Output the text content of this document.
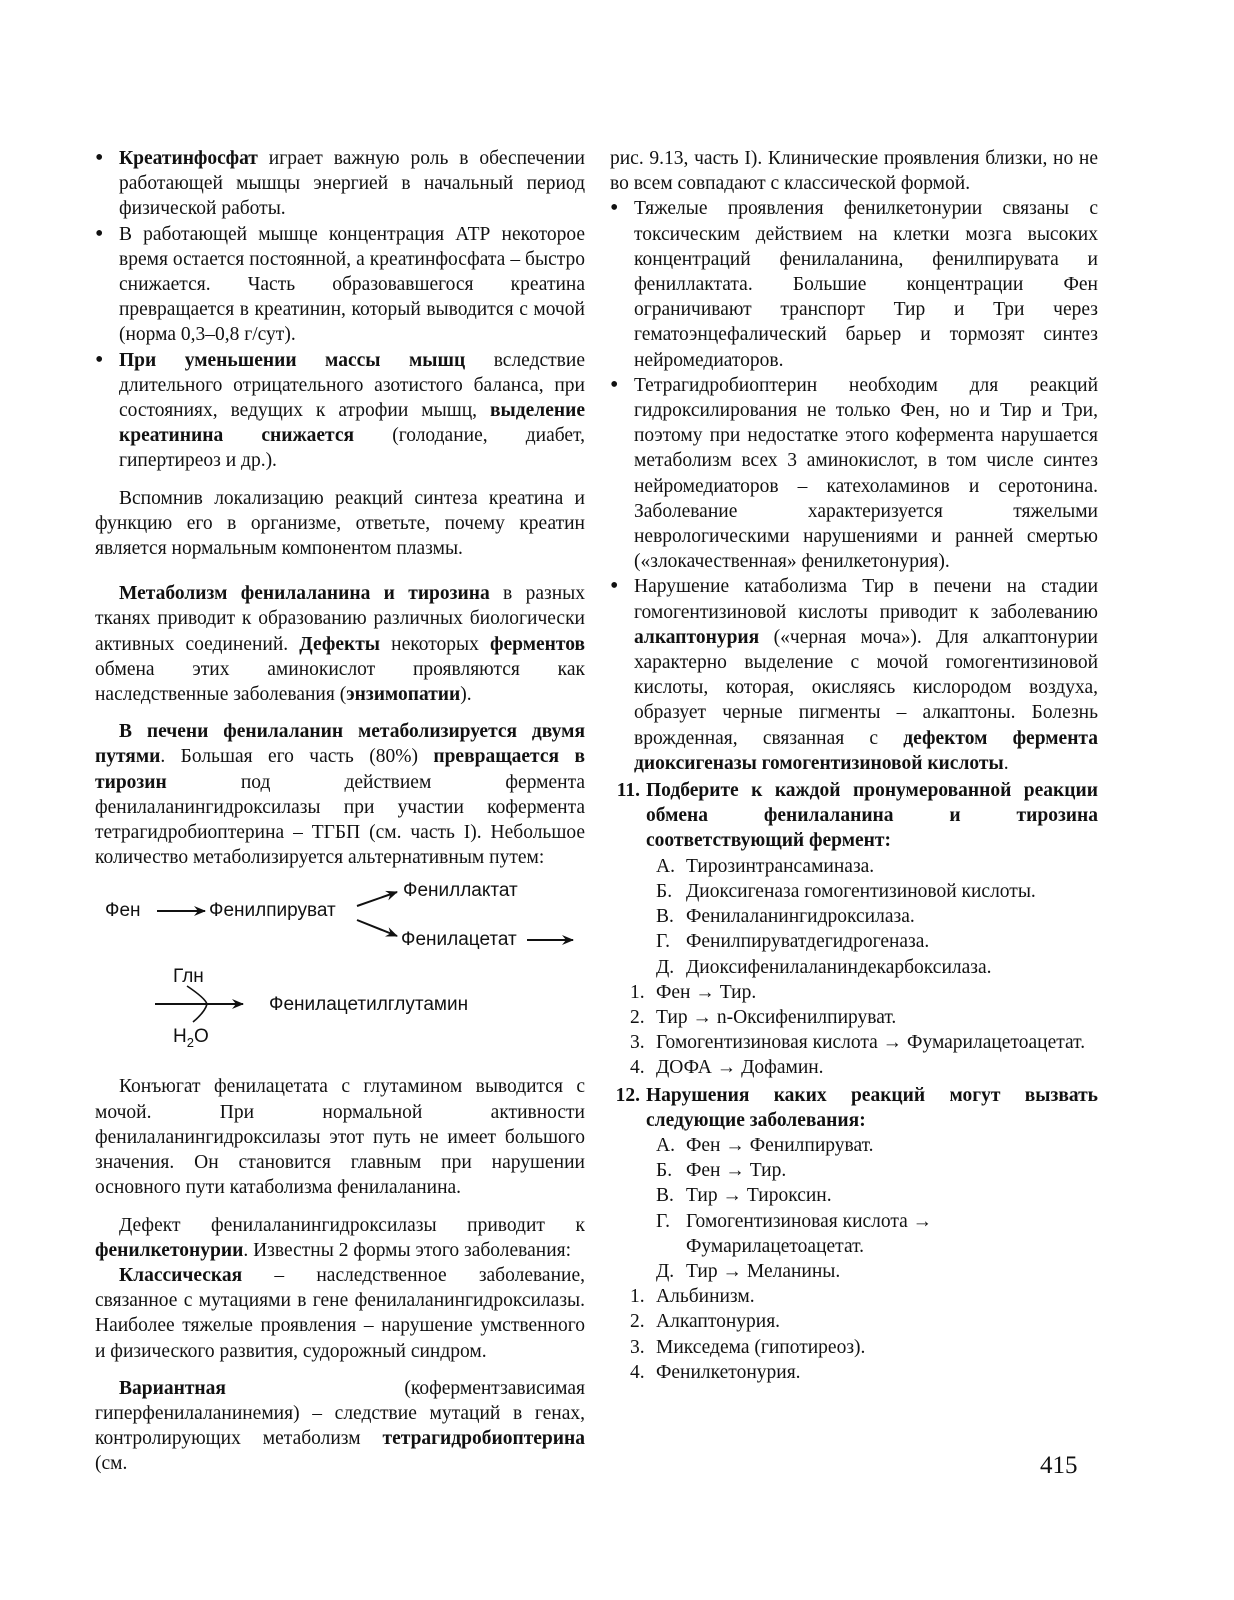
• Креатинфосфат играет важную роль в обеспечении работающей мышцы энергией в начальный период физической работы.
• В работающей мышце концентрация АТР некоторое время остается постоянной, а креатинфосфата – быстро снижается. Часть образовавшегося креатина превращается в креатинин, который выводится с мочой (норма 0,3–0,8 г/сут).
• При уменьшении массы мышц вследствие длительного отрицательного азотистого баланса, при состояниях, ведущих к атрофии мышц, выделение креатинина снижается (голодание, диабет, гипертиреоз и др.).

Вспомнив локализацию реакций синтеза креатина и функцию его в организме, ответьте, почему креатин является нормальным компонентом плазмы.

Метаболизм фенилаланина и тирозина в разных тканях приводит к образованию различных биологически активных соединений. Дефекты некоторых ферментов обмена этих аминокислот проявляются как наследственные заболевания (энзимопатии).

В печени фенилаланин метаболизируется двумя путями. Большая его часть (80%) превращается в тирозин под действием фермента фенилаланингидроксилазы при участии кофермента тетрагидробиоптерина – ТГБП (см. часть I). Небольшое количество метаболизируется альтернативным путем:

Фен	Фенилпируват
Фениллактат
Фенилацетат
Глн
Фенилацетилглутамин
$H_2O$

Конъюгат фенилацетата с глутамином выводится с мочой. При нормальной активности фенилаланингидроксилазы этот путь не имеет большого значения. Он становится главным при нарушении основного пути катаболизма фенилаланина.

Дефект фенилаланингидроксилазы приводит к фенилкетонурии. Известны 2 формы этого заболевания:

Классическая – наследственное заболевание, связанное с мутациями в гене фенилаланингидроксилазы. Наиболее тяжелые проявления – нарушение умственного и физического развития, судорожный синдром.

Вариантная (коферментзависимая гиперфенилаланинемия) – следствие мутаций в генах, контролирующих метаболизм тетрагидробиоптерина (см.

рис. 9.13, часть I). Клинические проявления близки, но не во всем совпадают с классической формой.

• Тяжелые проявления фенилкетонурии связаны с токсическим действием на клетки мозга высоких концентраций фенилаланина, фенилпирувата и фениллактата. Большие концентрации Фен ограничивают транспорт Тир и Три через гематоэнцефалический барьер и тормозят синтез нейромедиаторов.
• Тетрагидробиоптерин необходим для реакций гидроксилирования не только Фен, но и Тир и Три, поэтому при недостатке этого кофермента нарушается метаболизм всех 3 аминокислот, в том числе синтез нейромедиаторов – катехоламинов и серотонина. Заболевание характеризуется тяжелыми неврологическими нарушениями и ранней смертью («злокачественная» фенилкетонурия).
• Нарушение катаболизма Тир в печени на стадии гомогентизиновой кислоты приводит к заболеванию алкаптонурия («черная моча»). Для алкаптонурии характерно выделение с мочой гомогентизиновой кислоты, которая, окисляясь кислородом воздуха, образует черные пигменты – алкаптоны. Болезнь врожденная, связанная с дефектом фермента диоксигеназы гомогентизиновой кислоты.
11. Подберите к каждой пронумерованной реакции обмена фенилаланина и тирозина соответствующий фермент:
А. Тирозинтрансаминаза.
Б. Диоксигеназа гомогентизиновой кислоты.
В. Фенилаланингидроксилаза.
Г. Фенилпируватдегидрогеназа.
Д. Диоксифенилаланиндекарбоксилаза.
1. Фен → Тир.
2. Тир → n-Оксифенилпируват.
3. Гомогентизиновая кислота → Фумарилацетоацетат.
4. ДОФА → Дофамин.
12. Нарушения каких реакций могут вызвать следующие заболевания:
А. Фен → Фенилпируват.
Б. Фен → Тир.
В. Тир → Тироксин.
Г. Гомогентизиновая кислота → Фумарилацетоацетат.
Д. Тир → Меланины.
1. Альбинизм.
2. Алкаптонурия.
3. Микседема (гипотиреоз).
4. Фенилкетонурия.
415
